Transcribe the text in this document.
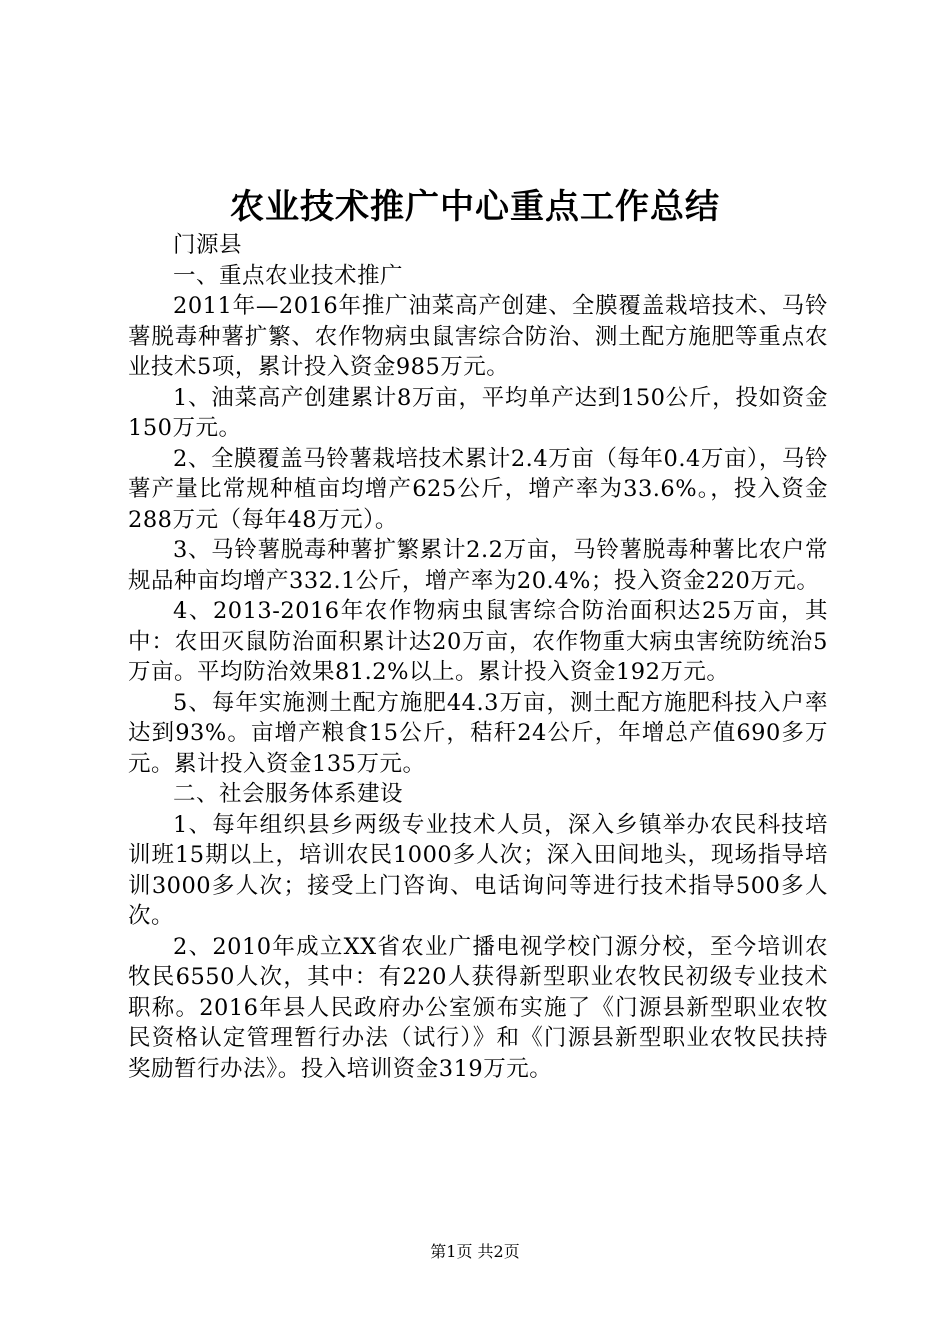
农业技术推广中心重点工作总结

门源县

一、重点农业技术推广

2011年—2016年推广油菜高产创建、全膜覆盖栽培技术、马铃薯脱毒种薯扩繁、农作物病虫鼠害综合防治、测土配方施肥等重点农业技术5项，累计投入资金985万元。

1、油菜高产创建累计8万亩，平均单产达到150公斤，投如资金150万元。

2、全膜覆盖马铃薯栽培技术累计2.4万亩（每年0.4万亩），马铃薯产量比常规种植亩均增产625公斤，增产率为33.6%。，投入资金288万元（每年48万元）。

3、马铃薯脱毒种薯扩繁累计2.2万亩，马铃薯脱毒种薯比农户常规品种亩均增产332.1公斤，增产率为20.4%；投入资金220万元。

4、2013-2016年农作物病虫鼠害综合防治面积达25万亩，其中：农田灭鼠防治面积累计达20万亩，农作物重大病虫害统防统治5万亩。平均防治效果81.2%以上。累计投入资金192万元。

5、每年实施测土配方施肥44.3万亩，测土配方施肥科技入户率达到93%。亩增产粮食15公斤，秸秆24公斤，年增总产值690多万元。累计投入资金135万元。

二、社会服务体系建设

1、每年组织县乡两级专业技术人员，深入乡镇举办农民科技培训班15期以上，培训农民1000多人次；深入田间地头，现场指导培训3000多人次；接受上门咨询、电话询问等进行技术指导500多人次。

2、2010年成立XX省农业广播电视学校门源分校，至今培训农牧民6550人次，其中：有220人获得新型职业农牧民初级专业技术职称。2016年县人民政府办公室颁布实施了《门源县新型职业农牧民资格认定管理暂行办法（试行）》和《门源县新型职业农牧民扶持奖励暂行办法》。投入培训资金319万元。

第1页 共2页
